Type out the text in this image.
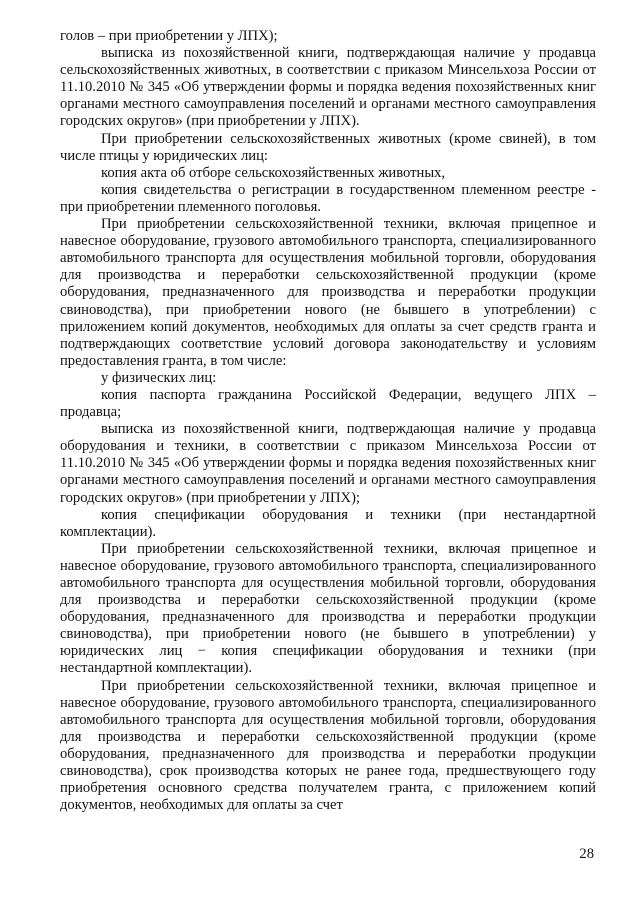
голов – при приобретении у ЛПХ);

выписка из похозяйственной книги, подтверждающая наличие у продавца сельскохозяйственных животных, в соответствии с приказом Минсельхоза России от 11.10.2010 № 345 «Об утверждении формы и порядка ведения похозяйственных книг органами местного самоуправления поселений и органами местного самоуправления городских округов» (при приобретении у ЛПХ).

При приобретении сельскохозяйственных животных (кроме свиней), в том числе птицы у юридических лиц:

копия акта об отборе сельскохозяйственных животных,

копия свидетельства о регистрации в государственном племенном реестре - при приобретении племенного поголовья.

При приобретении сельскохозяйственной техники, включая прицепное и навесное оборудование, грузового автомобильного транспорта, специализированного автомобильного транспорта для осуществления мобильной торговли, оборудования для производства и переработки сельскохозяйственной продукции (кроме оборудования, предназначенного для производства и переработки продукции свиноводства), при приобретении нового (не бывшего в употреблении) с приложением копий документов, необходимых для оплаты за счет средств гранта и подтверждающих соответствие условий договора законодательству и условиям предоставления гранта, в том числе:

у физических лиц:

копия паспорта гражданина Российской Федерации, ведущего ЛПХ – продавца;

выписка из похозяйственной книги, подтверждающая наличие у продавца оборудования и техники, в соответствии с приказом Минсельхоза России от 11.10.2010 № 345 «Об утверждении формы и порядка ведения похозяйственных книг органами местного самоуправления поселений и органами местного самоуправления городских округов» (при приобретении у ЛПХ);

копия спецификации оборудования и техники (при нестандартной комплектации).

При приобретении сельскохозяйственной техники, включая прицепное и навесное оборудование, грузового автомобильного транспорта, специализированного автомобильного транспорта для осуществления мобильной торговли, оборудования для производства и переработки сельскохозяйственной продукции (кроме оборудования, предназначенного для производства и переработки продукции свиноводства), при приобретении нового (не бывшего в употреблении) у юридических лиц − копия спецификации оборудования и техники (при нестандартной комплектации).

При приобретении сельскохозяйственной техники, включая прицепное и навесное оборудование, грузового автомобильного транспорта, специализированного автомобильного транспорта для осуществления мобильной торговли, оборудования для производства и переработки сельскохозяйственной продукции (кроме оборудования, предназначенного для производства и переработки продукции свиноводства), срок производства которых не ранее года, предшествующего году приобретения основного средства получателем гранта, с приложением копий документов, необходимых для оплаты за счет

28
